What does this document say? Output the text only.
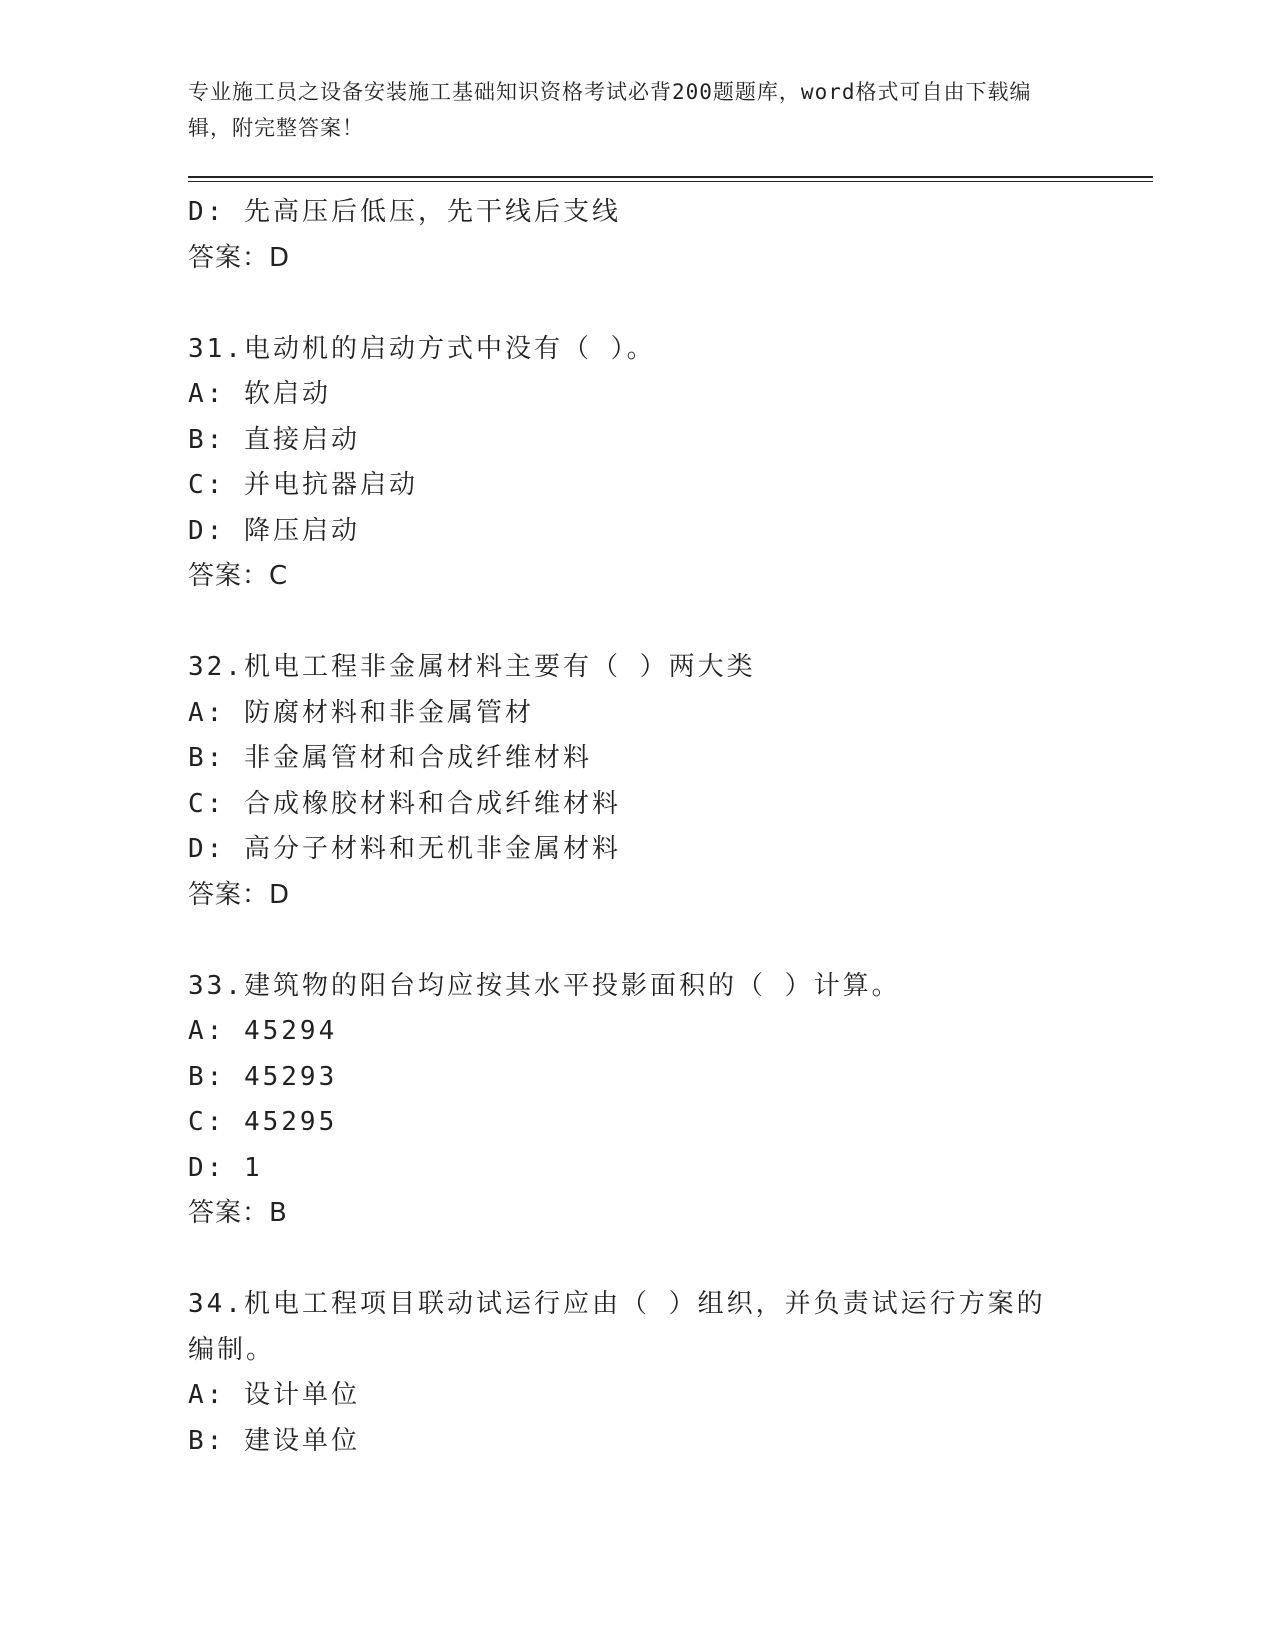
专业施工员之设备安装施工基础知识资格考试必背200题题库，word格式可自由下载编辑，附完整答案！
D: 先高压后低压，先干线后支线
答案：D
31.电动机的启动方式中没有（ ）。
A: 软启动
B: 直接启动
C: 并电抗器启动
D: 降压启动
答案：C
32.机电工程非金属材料主要有（ ）两大类
A: 防腐材料和非金属管材
B: 非金属管材和合成纤维材料
C: 合成橡胶材料和合成纤维材料
D: 高分子材料和无机非金属材料
答案：D
33.建筑物的阳台均应按其水平投影面积的（ ）计算。
A: 45294
B: 45293
C: 45295
D: 1
答案：B
34.机电工程项目联动试运行应由（ ）组织，并负责试运行方案的编制。
A: 设计单位
B: 建设单位
